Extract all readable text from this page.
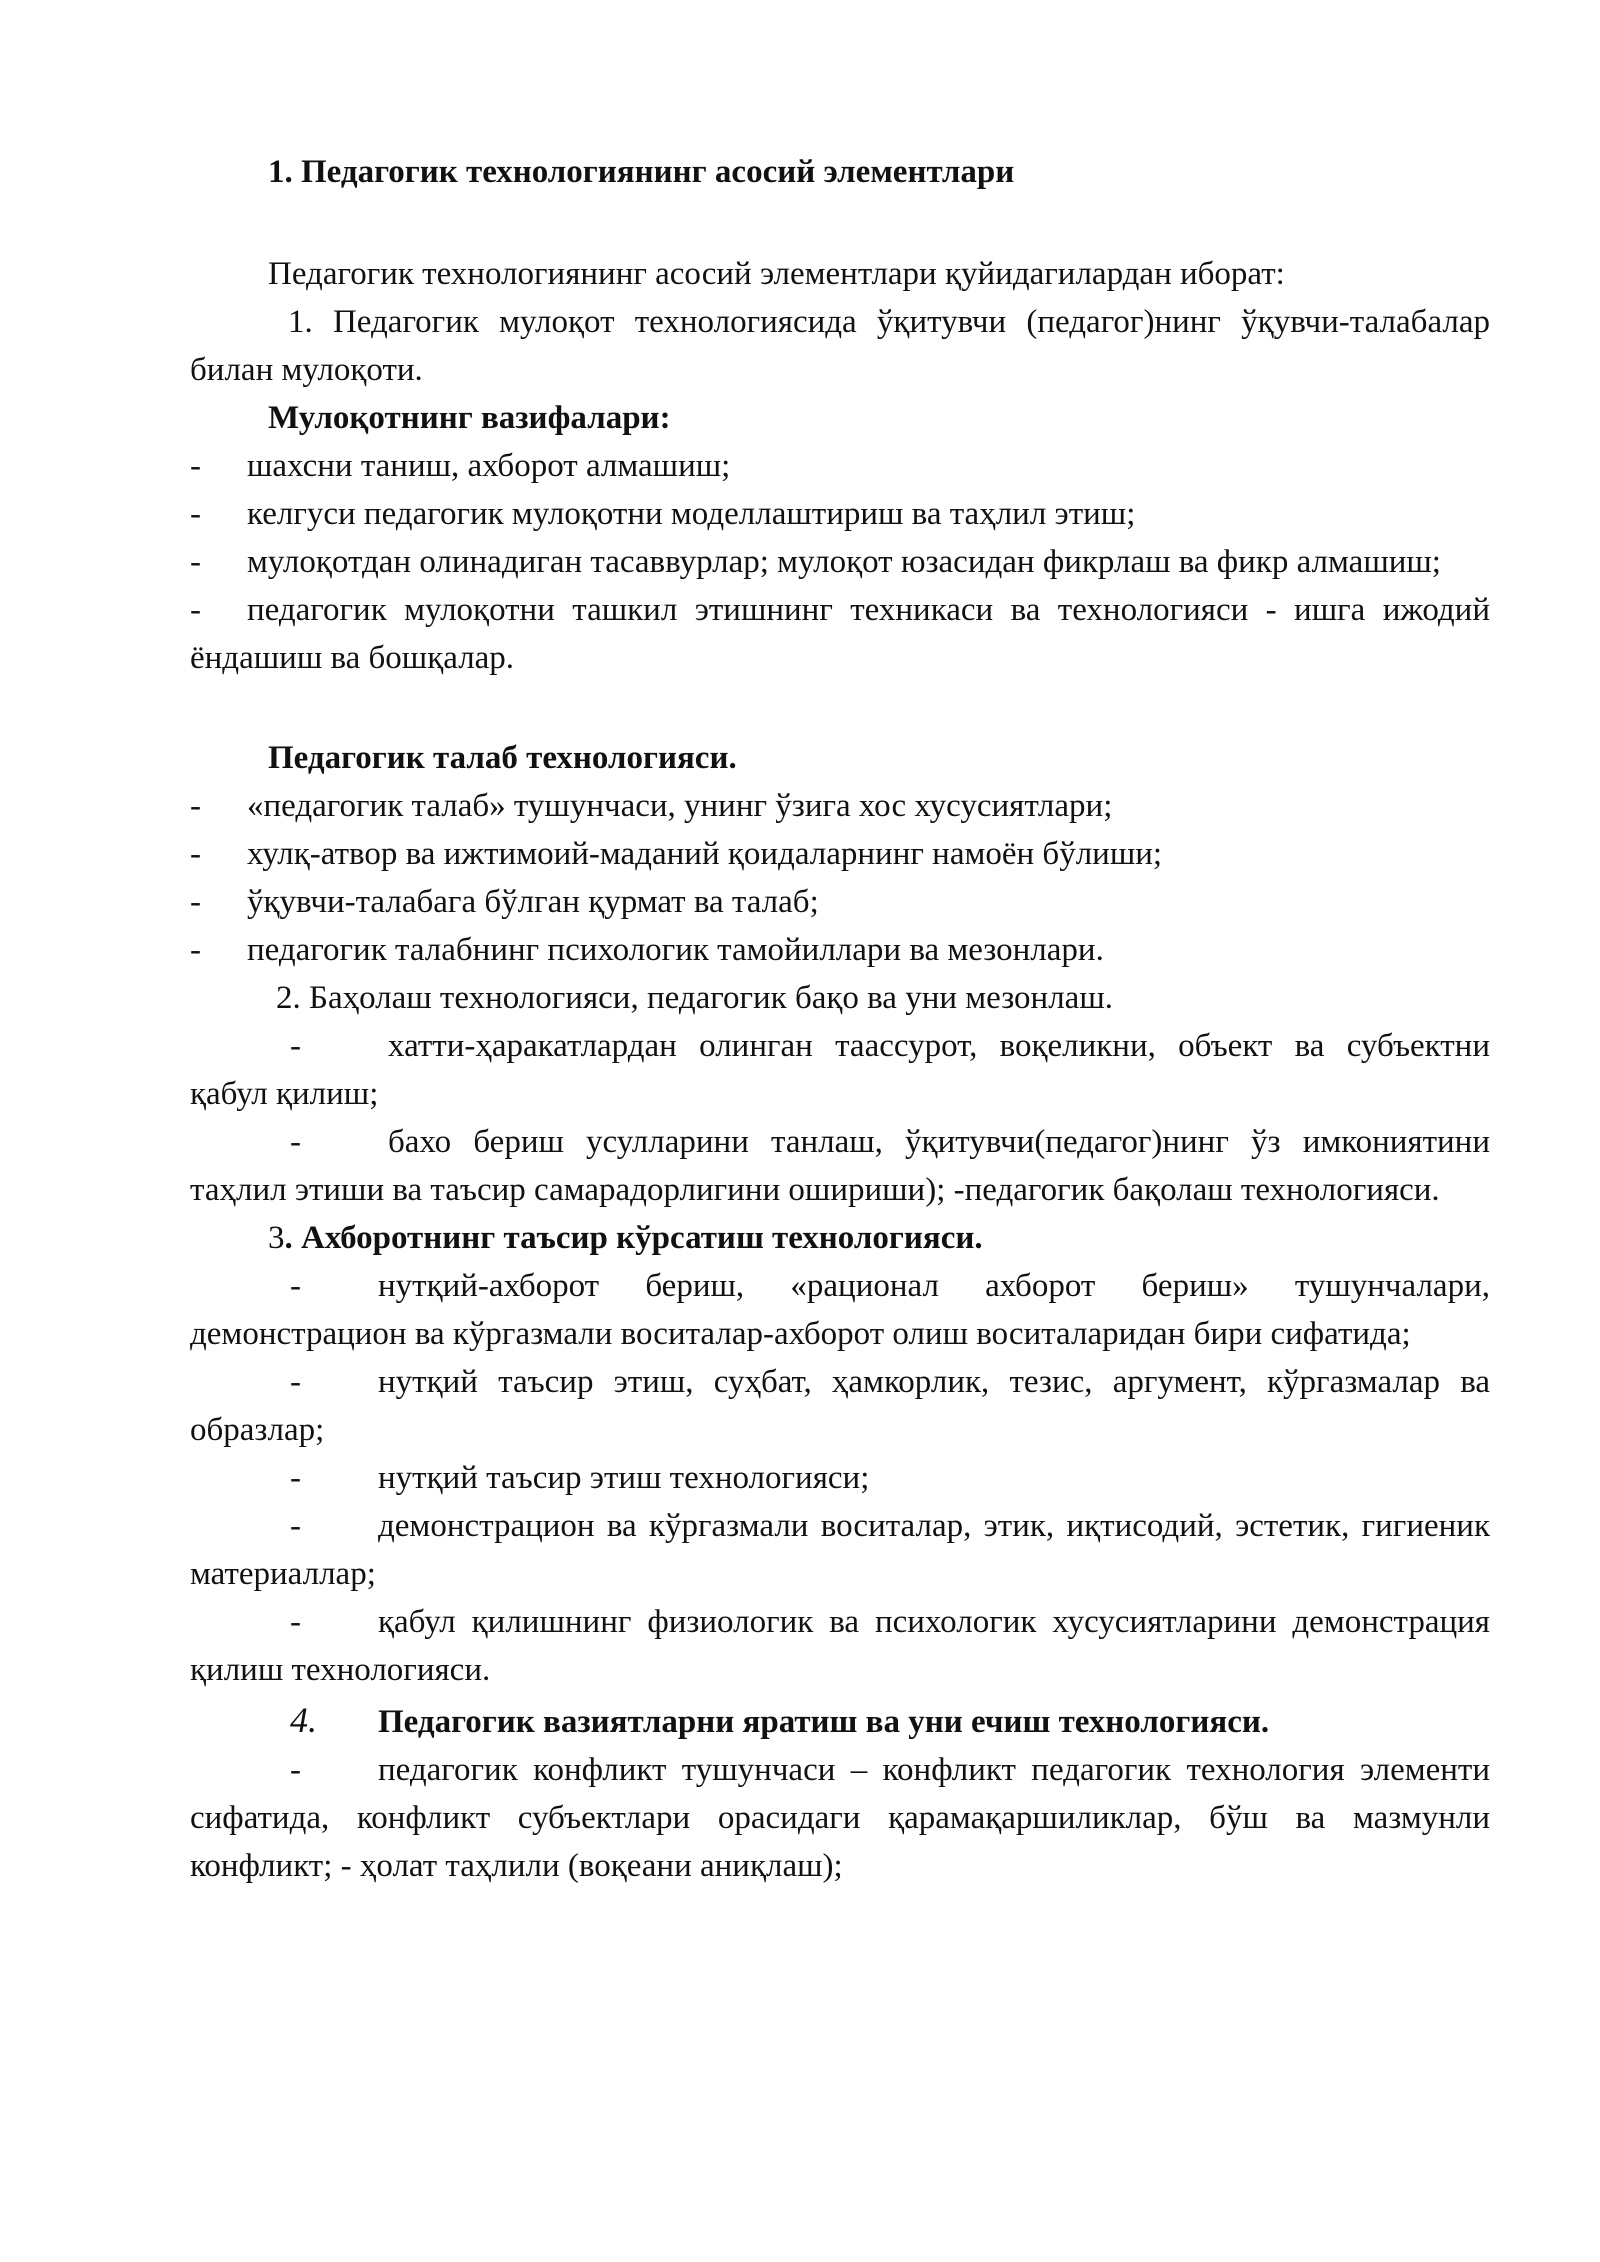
1. Педагогик технологиянинг асосий элементлари

Педагогик технологиянинг асосий элементлари қуйидагилардан иборат:

1. Педагогик мулоқот технологиясида ўқитувчи (педагог)нинг ўқувчи-талабалар билан мулоқоти.

Мулоқотнинг вазифалари:

-	шахсни таниш, ахборот алмашиш;
-	келгуси педагогик мулоқотни моделлаштириш ва таҳлил этиш;

- мулоқотдан олинадиган тасаввурлар; мулоқот юзасидан фикрлаш ва фикр алмашиш;

- педагогик мулоқотни ташкил этишнинг техникаси ва технологияси - ишга ижодий ёндашиш ва бошқалар.

Педагогик талаб технологияси.

-	«педагогик талаб» тушунчаси, унинг ўзига хос хусусиятлари;
-	хулқ-атвор ва ижтимоий-маданий қоидаларнинг намоён бўлиши;
-	ўқувчи-талабага бўлган қурмат ва талаб;
-	педагогик талабнинг психологик тамойиллари ва мезонлари.

2. Баҳолаш технологияси, педагогик бақо ва уни мезонлаш.

-	хатти-ҳаракатлардан олинган таассурот, воқеликни, объект ва субъектни қабул қилиш;

-	бахо бериш усулларини танлаш, ўқитувчи(педагог)нинг ўз имкониятини таҳлил этиши ва таъсир самарадорлигини ошириши); -педагогик бақолаш технологияси.

3. Ахборотнинг таъсир кўрсатиш технологияси.

- нутқий-ахборот бериш, «рационал ахборот бериш» тушунчалари, демонстрацион ва кўргазмали воситалар-ахборот олиш воситаларидан бири сифатида;

- нутқий таъсир этиш, суҳбат, ҳамкорлик, тезис, аргумент, кўргазмалар ва образлар;

- нутқий таъсир этиш технологияси;

- демонстрацион ва кўргазмали воситалар, этик, иқтисодий, эстетик, гигиеник материаллар;

- қабул қилишнинг физиологик ва психологик хусусиятларини демонстрация қилиш технологияси.

4. Педагогик вазиятларни яратиш ва уни ечиш технологияси.

- педагогик конфликт тушунчаси – конфликт педагогик технология элементи сифатида, конфликт субъектлари орасидаги қарамақаршиликлар, бўш ва мазмунли конфликт; - ҳолат таҳлили (воқеани аниқлаш);
